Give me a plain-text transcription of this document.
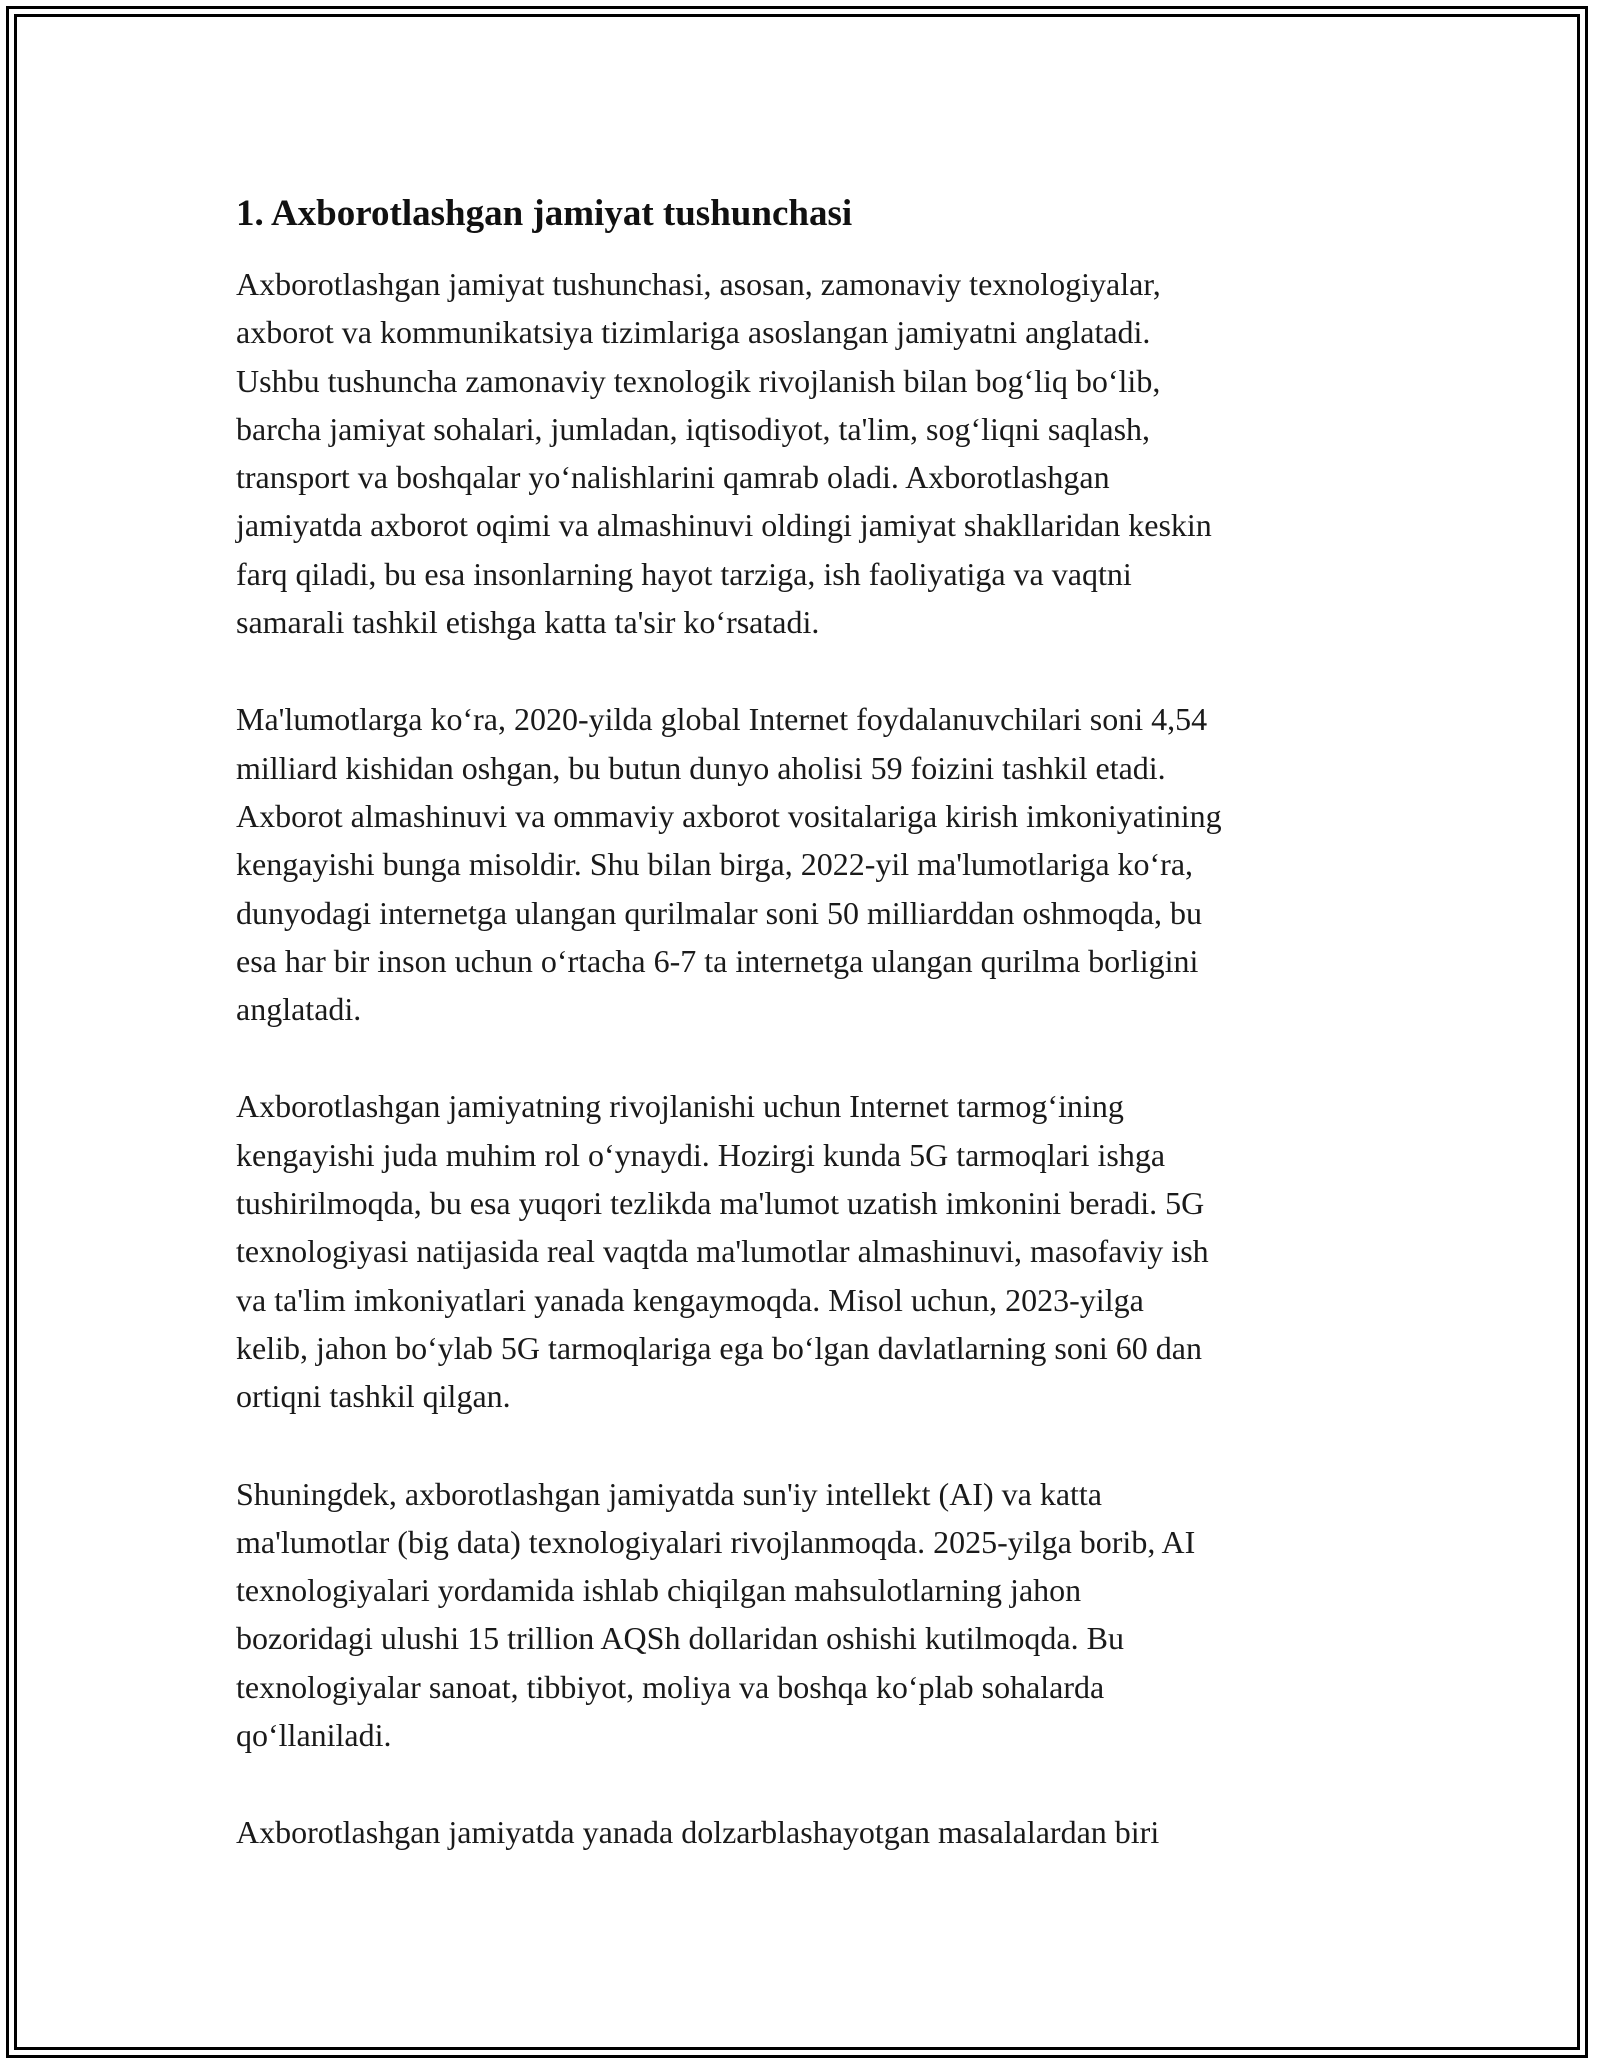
1. Axborotlashgan jamiyat tushunchasi

Axborotlashgan jamiyat tushunchasi, asosan, zamonaviy texnologiyalar,
axborot va kommunikatsiya tizimlariga asoslangan jamiyatni anglatadi.
Ushbu tushuncha zamonaviy texnologik rivojlanish bilan bog‘liq bo‘lib,
barcha jamiyat sohalari, jumladan, iqtisodiyot, ta'lim, sog‘liqni saqlash,
transport va boshqalar yo‘nalishlarini qamrab oladi. Axborotlashgan
jamiyatda axborot oqimi va almashinuvi oldingi jamiyat shakllaridan keskin
farq qiladi, bu esa insonlarning hayot tarziga, ish faoliyatiga va vaqtni
samarali tashkil etishga katta ta'sir ko‘rsatadi.

Ma'lumotlarga ko‘ra, 2020-yilda global Internet foydalanuvchilari soni 4,54
milliard kishidan oshgan, bu butun dunyo aholisi 59 foizini tashkil etadi.
Axborot almashinuvi va ommaviy axborot vositalariga kirish imkoniyatining
kengayishi bunga misoldir. Shu bilan birga, 2022-yil ma'lumotlariga ko‘ra,
dunyodagi internetga ulangan qurilmalar soni 50 milliarddan oshmoqda, bu
esa har bir inson uchun o‘rtacha 6-7 ta internetga ulangan qurilma borligini
anglatadi.

Axborotlashgan jamiyatning rivojlanishi uchun Internet tarmog‘ining
kengayishi juda muhim rol o‘ynaydi. Hozirgi kunda 5G tarmoqlari ishga
tushirilmoqda, bu esa yuqori tezlikda ma'lumot uzatish imkonini beradi. 5G
texnologiyasi natijasida real vaqtda ma'lumotlar almashinuvi, masofaviy ish
va ta'lim imkoniyatlari yanada kengaymoqda. Misol uchun, 2023-yilga
kelib, jahon bo‘ylab 5G tarmoqlariga ega bo‘lgan davlatlarning soni 60 dan
ortiqni tashkil qilgan.

Shuningdek, axborotlashgan jamiyatda sun'iy intellekt (AI) va katta
ma'lumotlar (big data) texnologiyalari rivojlanmoqda. 2025-yilga borib, AI
texnologiyalari yordamida ishlab chiqilgan mahsulotlarning jahon
bozoridagi ulushi 15 trillion AQSh dollaridan oshishi kutilmoqda. Bu
texnologiyalar sanoat, tibbiyot, moliya va boshqa ko‘plab sohalarda
qo‘llaniladi.

Axborotlashgan jamiyatda yanada dolzarblashayotgan masalalardan biri
